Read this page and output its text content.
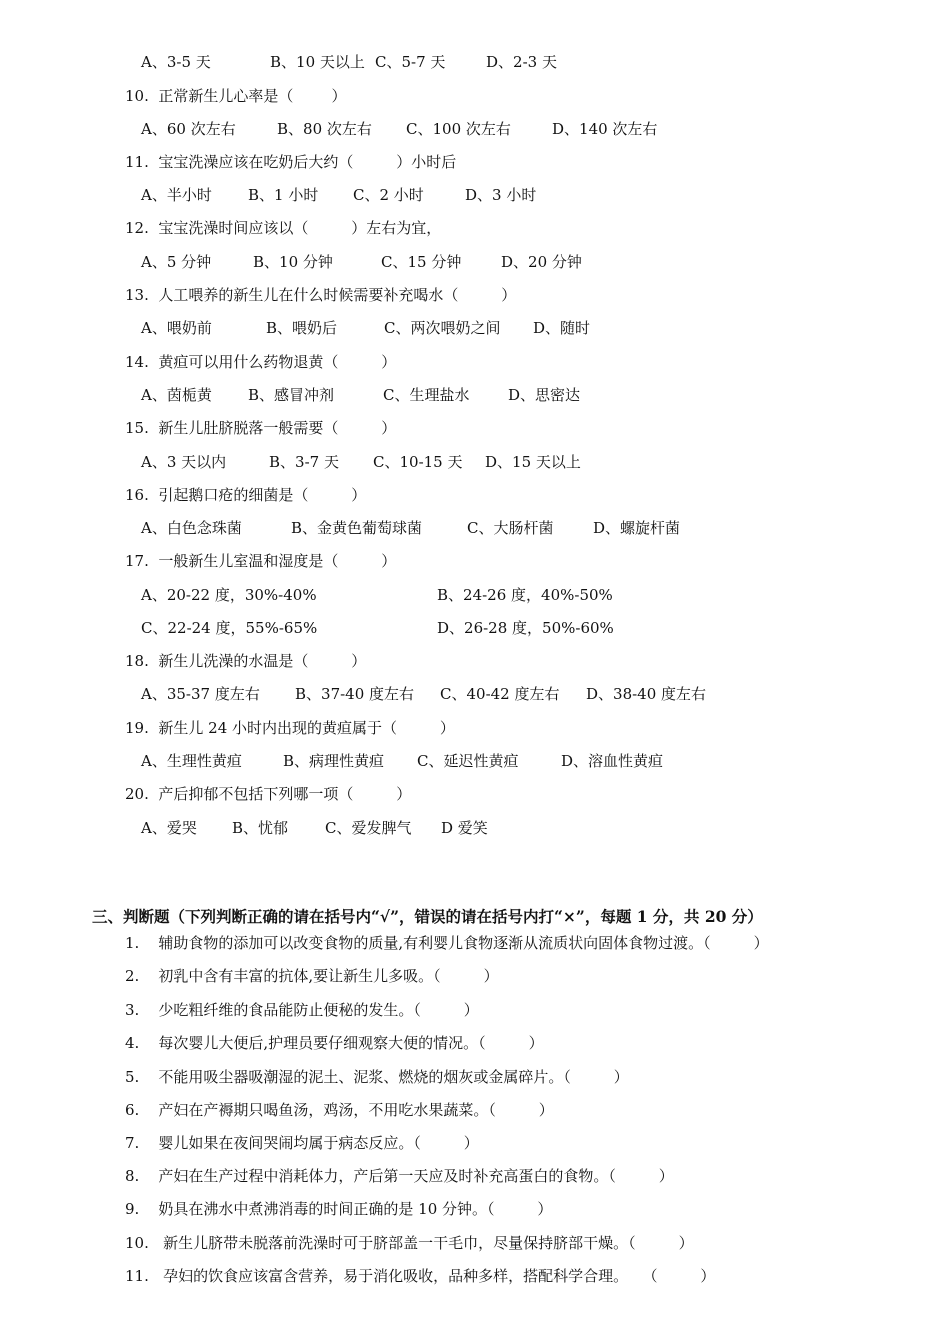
A、3-5 天

	B、10 天以上

C、5-7 天

	D、2-3 天

10.  正常新生儿心率是（        ）

A、60 次左右

	B、80 次左右

C、100 次左右

	D、140 次左右

11.  宝宝洗澡应该在吃奶后大约（         ）小时后

A、半小时

B、1 小时

C、2 小时

	D、3 小时

12.  宝宝洗澡时间应该以（         ）左右为宜，

A、5 分钟

	B、10 分钟

	C、15 分钟

	D、20 分钟

13.  人工喂养的新生儿在什么时候需要补充喝水（         ）

A、喂奶前

	B、喂奶后

	C、两次喂奶之间

D、随时

14.  黄疸可以用什么药物退黄（         ）

A、茵栀黄

B、感冒冲剂

	C、生理盐水

	D、思密达

15.  新生儿肚脐脱落一般需要（         ）

A、3 天以内

	B、3-7 天

C、10-15 天

D、15 天以上

16.  引起鹅口疮的细菌是（         ）

A、白色念珠菌

	B、金黄色葡萄球菌

	C、大肠杆菌

	D、螺旋杆菌

17.  一般新生儿室温和湿度是（         ）

A、20-22 度，30%-40%

	B、24-26 度，40%-50%

C、22-24 度，55%-65%

	D、26-28 度，50%-60%

18.  新生儿洗澡的水温是（         ）

A、35-37 度左右

B、37-40 度左右

C、40-42 度左右

D、38-40 度左右

19.  新生儿 24 小时内出现的黄疸属于（         ）

A、生理性黄疸

	B、病理性黄疸

C、延迟性黄疸

	D、溶血性黄疸

20.  产后抑郁不包括下列哪一项（         ）

A、爱哭

B、忧郁

C、爱发脾气

D 爱笑

三、判断题（下列判断正确的请在括号内“√”，错误的请在括号内打“×”，每题 1 分，共 20 分）
1.    辅助食物的添加可以改变食物的质量,有利婴儿食物逐渐从流质状向固体食物过渡。（         ）
2.    初乳中含有丰富的抗体,要让新生儿多吸。（         ）
3.    少吃粗纤维的食品能防止便秘的发生。（         ）
4.    每次婴儿大便后,护理员要仔细观察大便的情况。（         ）
5.    不能用吸尘器吸潮湿的泥土、泥浆、燃烧的烟灰或金属碎片。（         ）
6.    产妇在产褥期只喝鱼汤，鸡汤，不用吃水果蔬菜。（         ）
7.    婴儿如果在夜间哭闹均属于病态反应。（         ）
8.    产妇在生产过程中消耗体力，产后第一天应及时补充高蛋白的食物。（         ）
9.    奶具在沸水中煮沸消毒的时间正确的是 10 分钟。（         ）
10.   新生儿脐带未脱落前洗澡时可于脐部盖一干毛巾，尽量保持脐部干燥。（         ）
11.   孕妇的饮食应该富含营养，易于消化吸收，品种多样，搭配科学合理。   （         ）
